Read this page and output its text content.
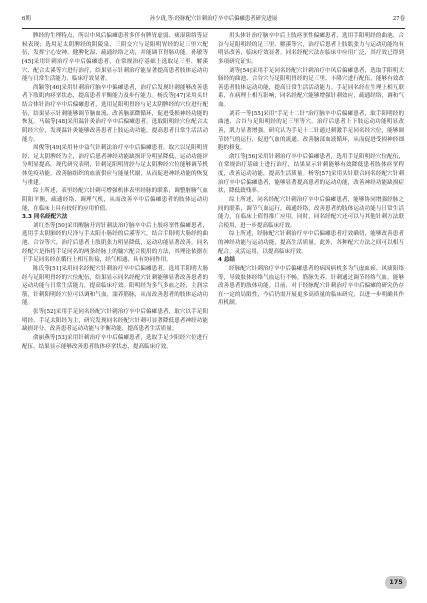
6期	孙少珑,等:经脉配穴针刺治疗卒中后偏瘫患者研究进展	27卷

脾经的生理特点，所以中风后偏瘫患者多伴有脾胃虚弱、痰湿阻络等证候表现；选用足太阴脾经的阴陵泉、三阴交穴与足阳明胃经的足三里穴配伍，发挥宁心安神、健脾化湿、疏通经络之功，并能调节胃肠功能。孙敏等[45]采用针刺治疗卒中后偏瘫患者，在常规治疗基础上选取足三里、解溪穴、配合太溪等穴进行治疗，结果显示针刺治疗能显著提高患者肢体运动功能与日常生活能力，临床疗效显著。

尚颖等[46]采用针刺治疗脑卒中偏瘫患者，治疗后发现针刺能够改善患者下肢肌肉痉挛状态，提高患者平衡能力及步行能力。杨氏等[47]采用头针结合体针治疗卒中后偏瘫患者，选用足阳明胃经与足太阴脾经的穴位进行配伍，结果显示针刺能够调节脑血流、改善脑部微循环，促进受损神经功能的恢复。马瑞等[48]采用温针灸治疗卒中后偏瘫患者，选取阳明经穴位配合太阴经穴位，发现温针灸能够改善患者上肢运动功能，提高患者日常生活活动能力。

周俊等[49]采用补中益气针刺法治疗卒中后偏瘫患者，取穴以足阳明胃经、足太阴脾经为主，治疗后患者神经功能缺损评分明显降低，运动功能评分明显提高。现代研究表明，针刺足阳明胃经与足太阴脾经穴位能够调节机体免疫功能，改善脑组织的血液供应与能量代谢，从而促进神经功能的恢复与重建。

综上所述，表里经配穴针刺可增强机体表里经脉的联系，调整脏腑气血阴阳平衡，疏通经络，调理气机，从而改善卒中后偏瘫患者的肢体运动功能，在临床上具有较好的应用价值。

3.3 同名经配穴法

刘红杰等[50]采用醒脑开窍针刺法治疗脑卒中后上肢痉挛性偏瘫患者，选用手太阴肺经的尺泽与手太阳小肠经的后溪等穴，结合手阳明大肠经的曲池、合谷等穴，治疗后患者上肢肌张力明显降低，运动功能显著改善。同名经配穴是指将手足同名的两条经脉上的腧穴配合使用的方法，其理论依据在于手足同名经在循行上相互衔接，经气相通，具有协同作用。

陈氏等[51]采用同名经配穴针刺治疗卒中后偏瘫患者，选用手阳明大肠经与足阳明胃经的穴位配伍，结果显示同名经配穴针刺能够显著改善患者的运动功能与日常生活能力，提高临床疗效。阳明经为多气多血之经，主润宗筋，针刺阳明经穴位可以调和气血，濡养筋脉，从而改善患者的肢体运动功能。

张等[52]采用手足同名经配穴针刺治疗卒中后偏瘫患者，取穴以手足阳明经、手足太阳经为主，研究发现同名经配穴针刺可显著降低患者神经功能缺损评分，改善患者运动功能与平衡功能，提高患者生活质量。

俞丽燕等[53]采用针刺治疗卒中后偏瘫患者，选取手足少阳经穴位进行配伍，结果显示能够改善患者肢体痉挛状态，提高临床疗效。

用头体针治疗脑卒中后上肢痉挛性偏瘫患者，选用手阳明经的曲池、合谷与足阳明经的足三里、解溪等穴，治疗后患者上肢肌张力与运动功能均有明显改善，临床疗效显著。同名经配穴法在临床中应用广泛，其疗效已得到多项研究证实。

刘等[54]采用手足同名经配穴针刺治疗中风后偏瘫患者，选取手阳明大肠经的曲池、合谷穴与足阳明胃经的足三里、丰隆穴进行配伍，能够有效改善患者肢体运动功能，提高日常生活活动能力。手足同名经在生理上相互联系，在病理上相互影响，同名经配穴能够增强针刺效应，疏通经络，调和气血。

刘若一等[55]采用"手足十二针"治疗脑卒中后偏瘫患者，取手阳明经的曲池、合谷与足阳明经的足三里等穴，治疗后患者上下肢运动功能明显改善，肌力显著增强。研究认为手足十二针通过刺激手足同名经穴位，能够调节经气的运行，促进气血的流通，改善脑部血液循环，从而促进受损神经细胞的修复。

俞红等[56]采用针刺治疗卒中后偏瘫患者，选用手足阳明经穴位配伍，在常规治疗基础上进行治疗，结果显示针刺能够有效降低患者肢体痉挛程度，改善运动功能，提高生活质量。杨等[57]采用头针联合同名经配穴针刺治疗卒中后偏瘫患者，能够显著提高患者的运动功能，改善神经功能缺损症状，降低致残率。

综上所述，同名经配穴针刺治疗卒中后偏瘫患者，能够协同增强经脉之间的联系，调节气血运行，疏通经络，改善患者的肢体运动功能与日常生活能力，在临床上值得推广应用。同时，同名经配穴还可以与其他针刺方法联合使用，进一步提高临床疗效。

综上所述，经脉配穴针刺治疗卒中后偏瘫患者疗效确切，能够改善患者的神经功能与运动功能，提高生活质量。此外，各种配穴方法之间可以相互配合，灵活运用，以提高临床疗效。

4 总结

经脉配穴针刺治疗卒中后偏瘫患者的病因病机多为气虚血瘀、风痰阻络等，导致肢体经络气血运行不畅，筋脉失养。针刺通过调节经络气血，能够改善患者的肢体功能。目前，对于经脉配穴针刺治疗卒中后偏瘫的研究仍存在一定的局限性，今后仍需开展更多高质量的临床研究，以进一步明确其作用机制。

175
